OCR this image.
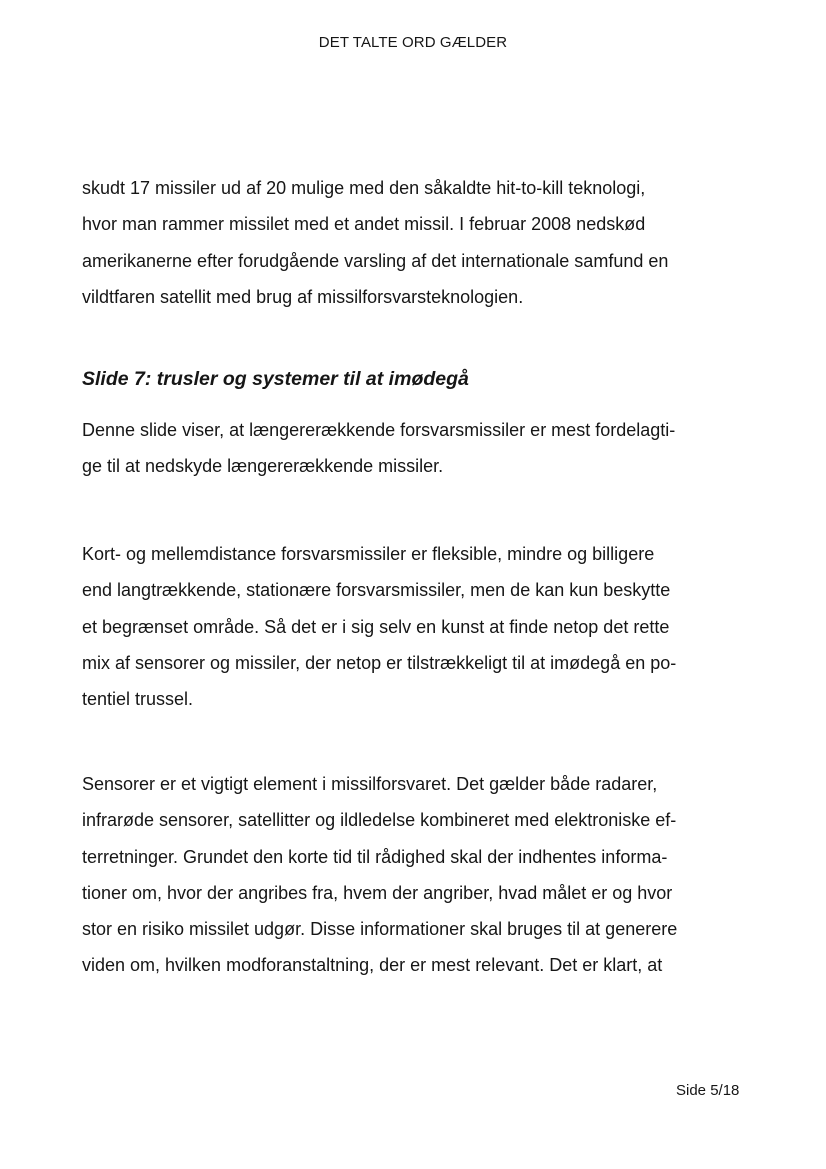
DET TALTE ORD GÆLDER
skudt 17 missiler ud af 20 mulige med den såkaldte hit-to-kill teknologi,
hvor man rammer missilet med et andet missil. I februar 2008 nedskød
amerikanerne efter forudgående varsling af det internationale samfund en
vildtfaren satellit med brug af missilforsvarsteknologien.
Slide 7: trusler og systemer til at imødegå
Denne slide viser, at længererækkende forsvarsmissiler er mest fordelagti-
ge til at nedskyde længererækkende missiler.
Kort- og mellemdistance forsvarsmissiler er fleksible, mindre og billigere
end langtrækkende, stationære forsvarsmissiler, men de kan kun beskytte
et begrænset område. Så det er i sig selv en kunst at finde netop det rette
mix af sensorer og missiler, der netop er tilstrækkeligt til at imødegå en po-
tentiel trussel.
Sensorer er et vigtigt element i missilforsvaret. Det gælder både radarer,
infrarøde sensorer, satellitter og ildledelse kombineret med elektroniske ef-
terretninger. Grundet den korte tid til rådighed skal der indhentes informa-
tioner om, hvor der angribes fra, hvem der angriber, hvad målet er og hvor
stor en risiko missilet udgør. Disse informationer skal bruges til at generere
viden om, hvilken modforanstaltning, der er mest relevant. Det er klart, at
Side 5/18
